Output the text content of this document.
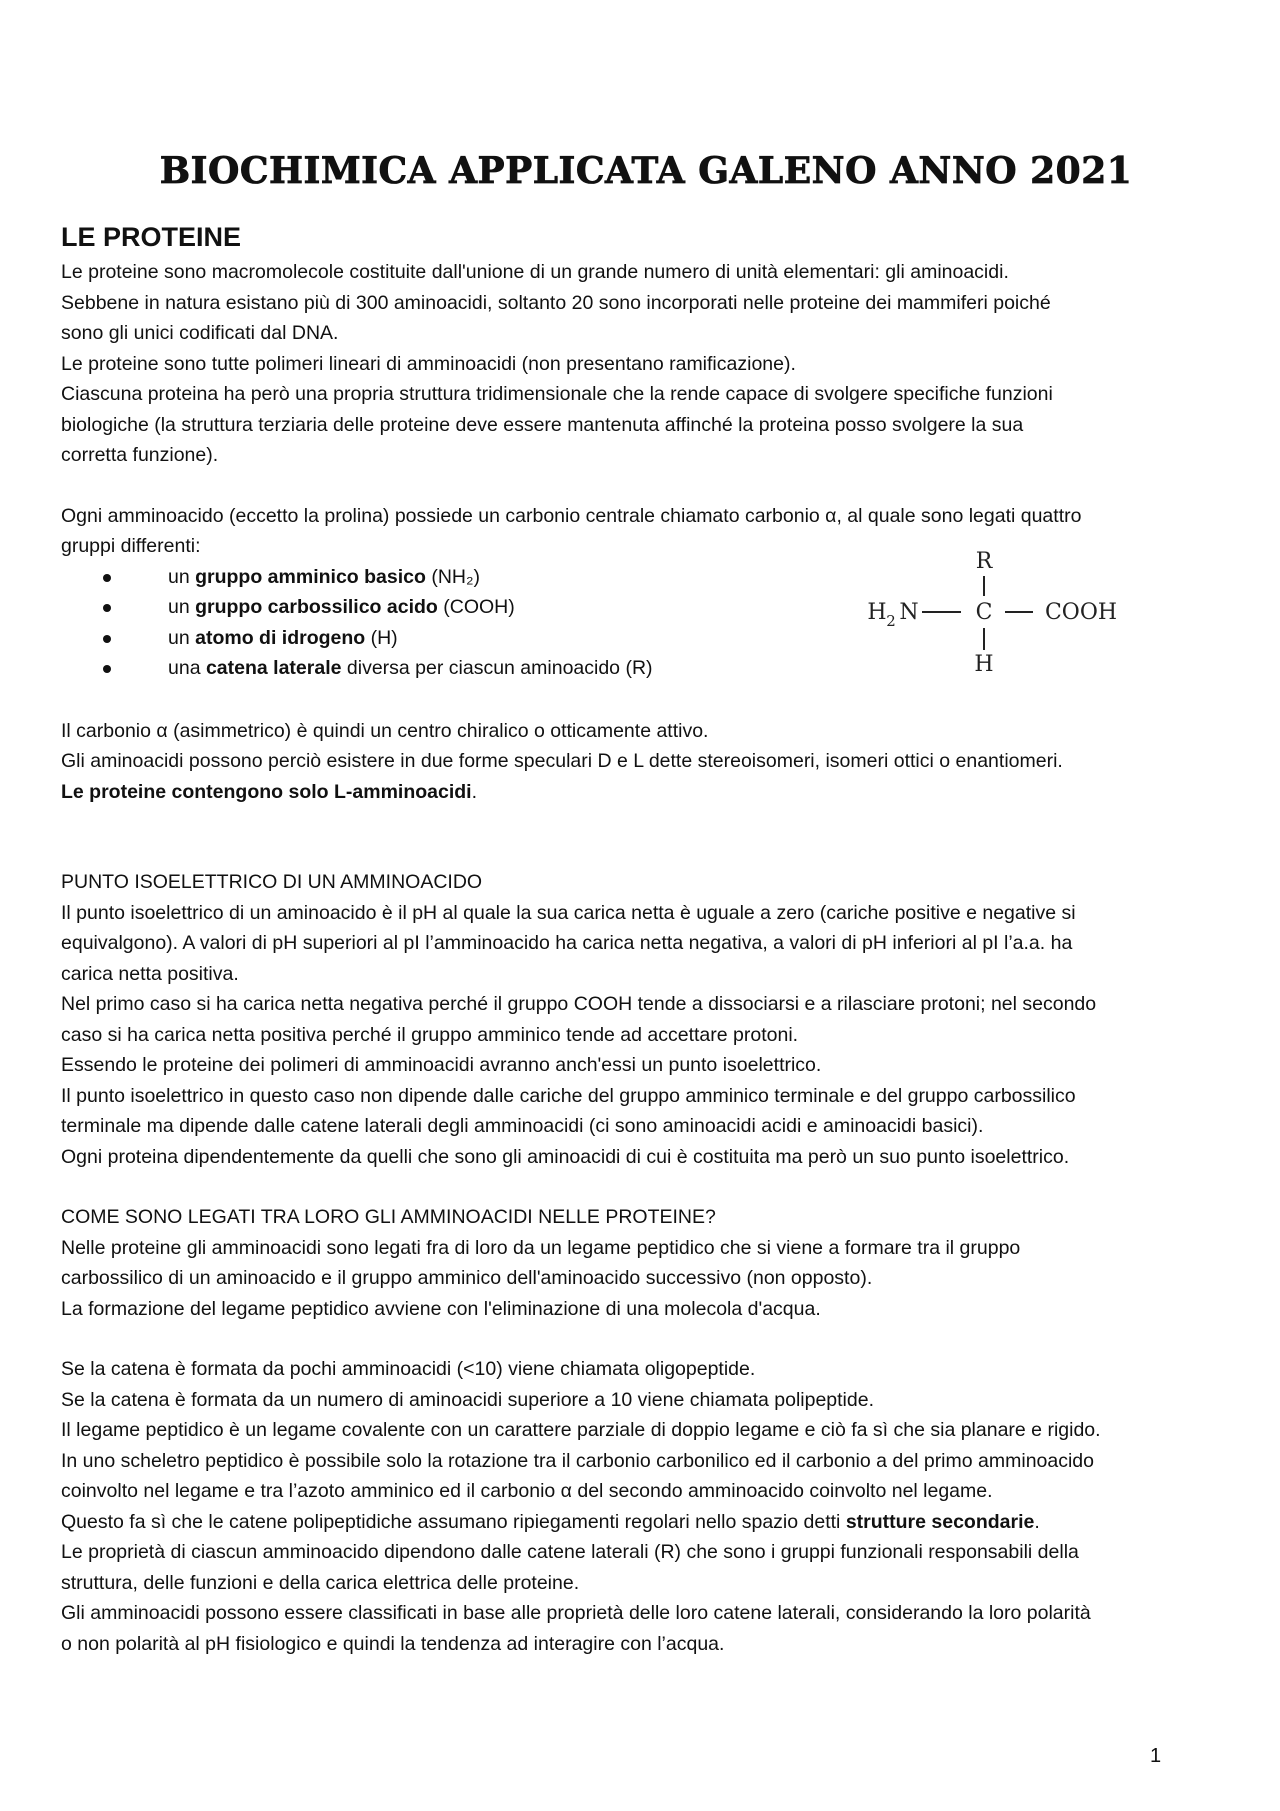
BIOCHIMICA APPLICATA GALENO ANNO 2021
LE PROTEINE

Le proteine sono macromolecole costituite dall'unione di un grande numero di unità elementari: gli aminoacidi.

Sebbene in natura esistano più di 300 aminoacidi, soltanto 20 sono incorporati nelle proteine dei mammiferi poiché

sono gli unici codificati dal DNA.

Le proteine sono tutte polimeri lineari di amminoacidi (non presentano ramificazione).

Ciascuna proteina ha però una propria struttura tridimensionale che la rende capace di svolgere specifiche funzioni

biologiche (la struttura terziaria delle proteine deve essere mantenuta affinché la proteina posso svolgere la sua

corretta funzione).

Ogni amminoacido (eccetto la prolina) possiede un carbonio centrale chiamato carbonio α, al quale sono legati quattro

gruppi differenti:

un gruppo amminico basico (NH₂)
un gruppo carbossilico acido (COOH)
un atomo di idrogeno (H)
una catena laterale diversa per ciascun aminoacido (R)
R
H 2 N	C COOH
H

Il carbonio α (asimmetrico) è quindi un centro chiralico o otticamente attivo.

Gli aminoacidi possono perciò esistere in due forme speculari D e L dette stereoisomeri, isomeri ottici o enantiomeri.

Le proteine contengono solo L-amminoacidi.

PUNTO ISOELETTRICO DI UN AMMINOACIDO

Il punto isoelettrico di un aminoacido è il pH al quale la sua carica netta è uguale a zero (cariche positive e negative si

equivalgono). A valori di pH superiori al pI l’amminoacido ha carica netta negativa, a valori di pH inferiori al pI l’a.a. ha

carica netta positiva.

Nel primo caso si ha carica netta negativa perché il gruppo COOH tende a dissociarsi e a rilasciare protoni; nel secondo

caso si ha carica netta positiva perché il gruppo amminico tende ad accettare protoni.

Essendo le proteine dei polimeri di amminoacidi avranno anch'essi un punto isoelettrico.

Il punto isoelettrico in questo caso non dipende dalle cariche del gruppo amminico terminale e del gruppo carbossilico

terminale ma dipende dalle catene laterali degli amminoacidi (ci sono aminoacidi acidi e aminoacidi basici).

Ogni proteina dipendentemente da quelli che sono gli aminoacidi di cui è costituita ma però un suo punto isoelettrico.

COME SONO LEGATI TRA LORO GLI AMMINOACIDI NELLE PROTEINE?

Nelle proteine gli amminoacidi sono legati fra di loro da un legame peptidico che si viene a formare tra il gruppo

carbossilico di un aminoacido e il gruppo amminico dell'aminoacido successivo (non opposto).

La formazione del legame peptidico avviene con l'eliminazione di una molecola d'acqua.

Se la catena è formata da pochi amminoacidi (<10) viene chiamata oligopeptide.

Se la catena è formata da un numero di aminoacidi superiore a 10 viene chiamata polipeptide.

Il legame peptidico è un legame covalente con un carattere parziale di doppio legame e ciò fa sì che sia planare e rigido.

In uno scheletro peptidico è possibile solo la rotazione tra il carbonio carbonilico ed il carbonio a del primo amminoacido

coinvolto nel legame e tra l’azoto amminico ed il carbonio α del secondo amminoacido coinvolto nel legame.

Questo fa sì che le catene polipeptidiche assumano ripiegamenti regolari nello spazio detti strutture secondarie.

Le proprietà di ciascun amminoacido dipendono dalle catene laterali (R) che sono i gruppi funzionali responsabili della

struttura, delle funzioni e della carica elettrica delle proteine.

Gli amminoacidi possono essere classificati in base alle proprietà delle loro catene laterali, considerando la loro polarità

o non polarità al pH fisiologico e quindi la tendenza ad interagire con l’acqua.

1
